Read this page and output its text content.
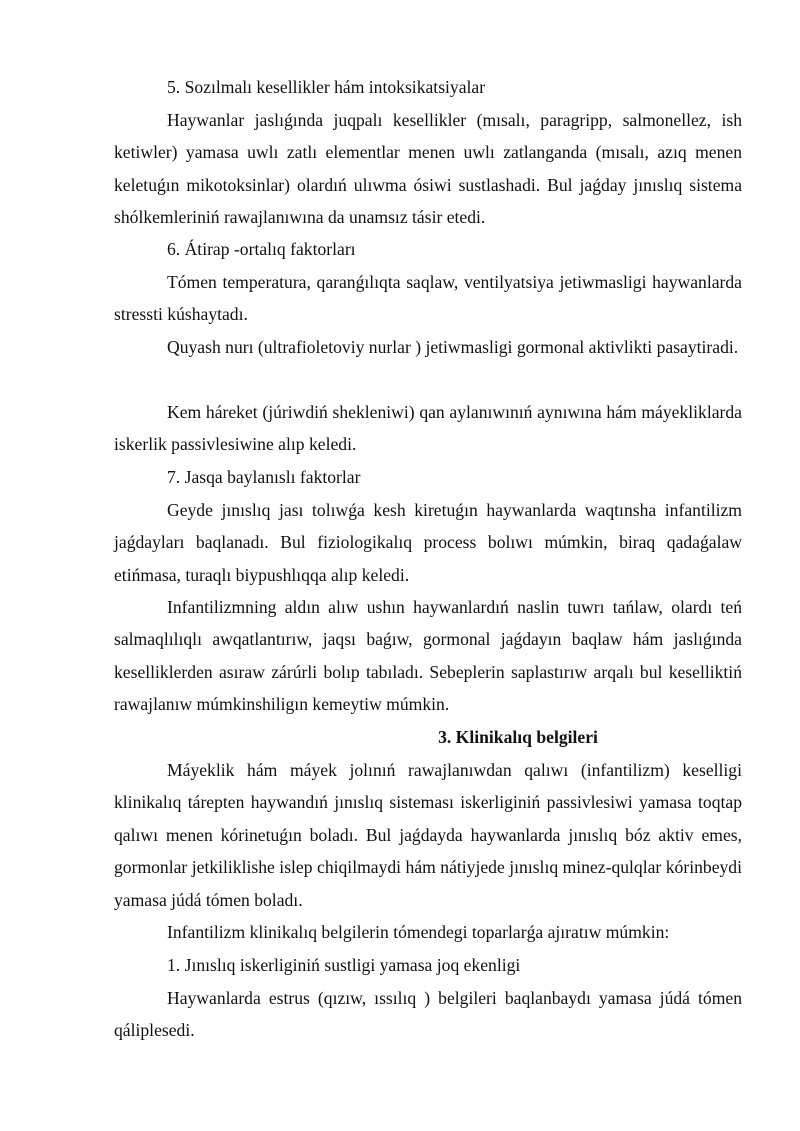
5. Sozılmalı kesellikler hám intoksikatsiyalar

Haywanlar jaslıǵında juqpalı kesellikler (mısalı, paragripp, salmonellez, ish ketiwler) yamasa uwlı zatlı elementlar menen uwlı zatlanganda (mısalı, azıq menen keletuǵın mikotoksinlar) olardıń ulıwma ósiwi sustlashadi. Bul jaǵday jınıslıq sistema shólkemleriniń rawajlanıwına da unamsız tásir etedi.

6. Átirap -ortalıq faktorları

Tómen temperatura, qaranǵılıqta saqlaw, ventilyatsiya jetiwmasligi haywanlarda stressti kúshaytadı.

Quyash nurı (ultrafioletoviy nurlar ) jetiwmasligi gormonal aktivlikti pasaytiradi.

Kem háreket (júriwdiń shekleniwi) qan aylanıwınıń aynıwına hám máyekliklarda iskerlik passivlesiwine alıp keledi.

7. Jasqa baylanıslı faktorlar

Geyde jınıslıq jası tolıwǵa kesh kiretuǵın haywanlarda waqtınsha infantilizm jaǵdayları baqlanadı. Bul fiziologikalıq process bolıwı múmkin, biraq qadaǵalaw etińmasa, turaqlı biypushlıqqa alıp keledi.

Infantilizmning aldın alıw ushın haywanlardıń naslin tuwrı tańlaw, olardı teń salmaqlılıqlı awqatlantırıw, jaqsı baǵıw, gormonal jaǵdayın baqlaw hám jaslıǵında keselliklerden asıraw zárúrli bolıp tabıladı. Sebeplerin saplastırıw arqalı bul keselliktiń rawajlanıw múmkinshiligın kemeytiw múmkin.

3. Klinikalıq belgileri

Máyeklik hám máyek jolınıń rawajlanıwdan qalıwı (infantilizm) keselligi klinikalıq tárepten haywandıń jınıslıq sisteması iskerliginiń passivlesiwi yamasa toqtap qalıwı menen kórinetuǵın boladı. Bul jaǵdayda haywanlarda jınıslıq bóz aktiv emes, gormonlar jetkiliklishe islep chiqilmaydi hám nátiyjede jınıslıq minez-qulqlar kórinbeydi yamasa júdá tómen boladı.

Infantilizm klinikalıq belgilerin tómendegi toparlarǵa ajıratıw múmkin:

1. Jınıslıq iskerliginiń sustligi yamasa joq ekenligi

Haywanlarda estrus (qızıw, ıssılıq ) belgileri baqlanbaydı yamasa júdá tómen qáliplesedi.
